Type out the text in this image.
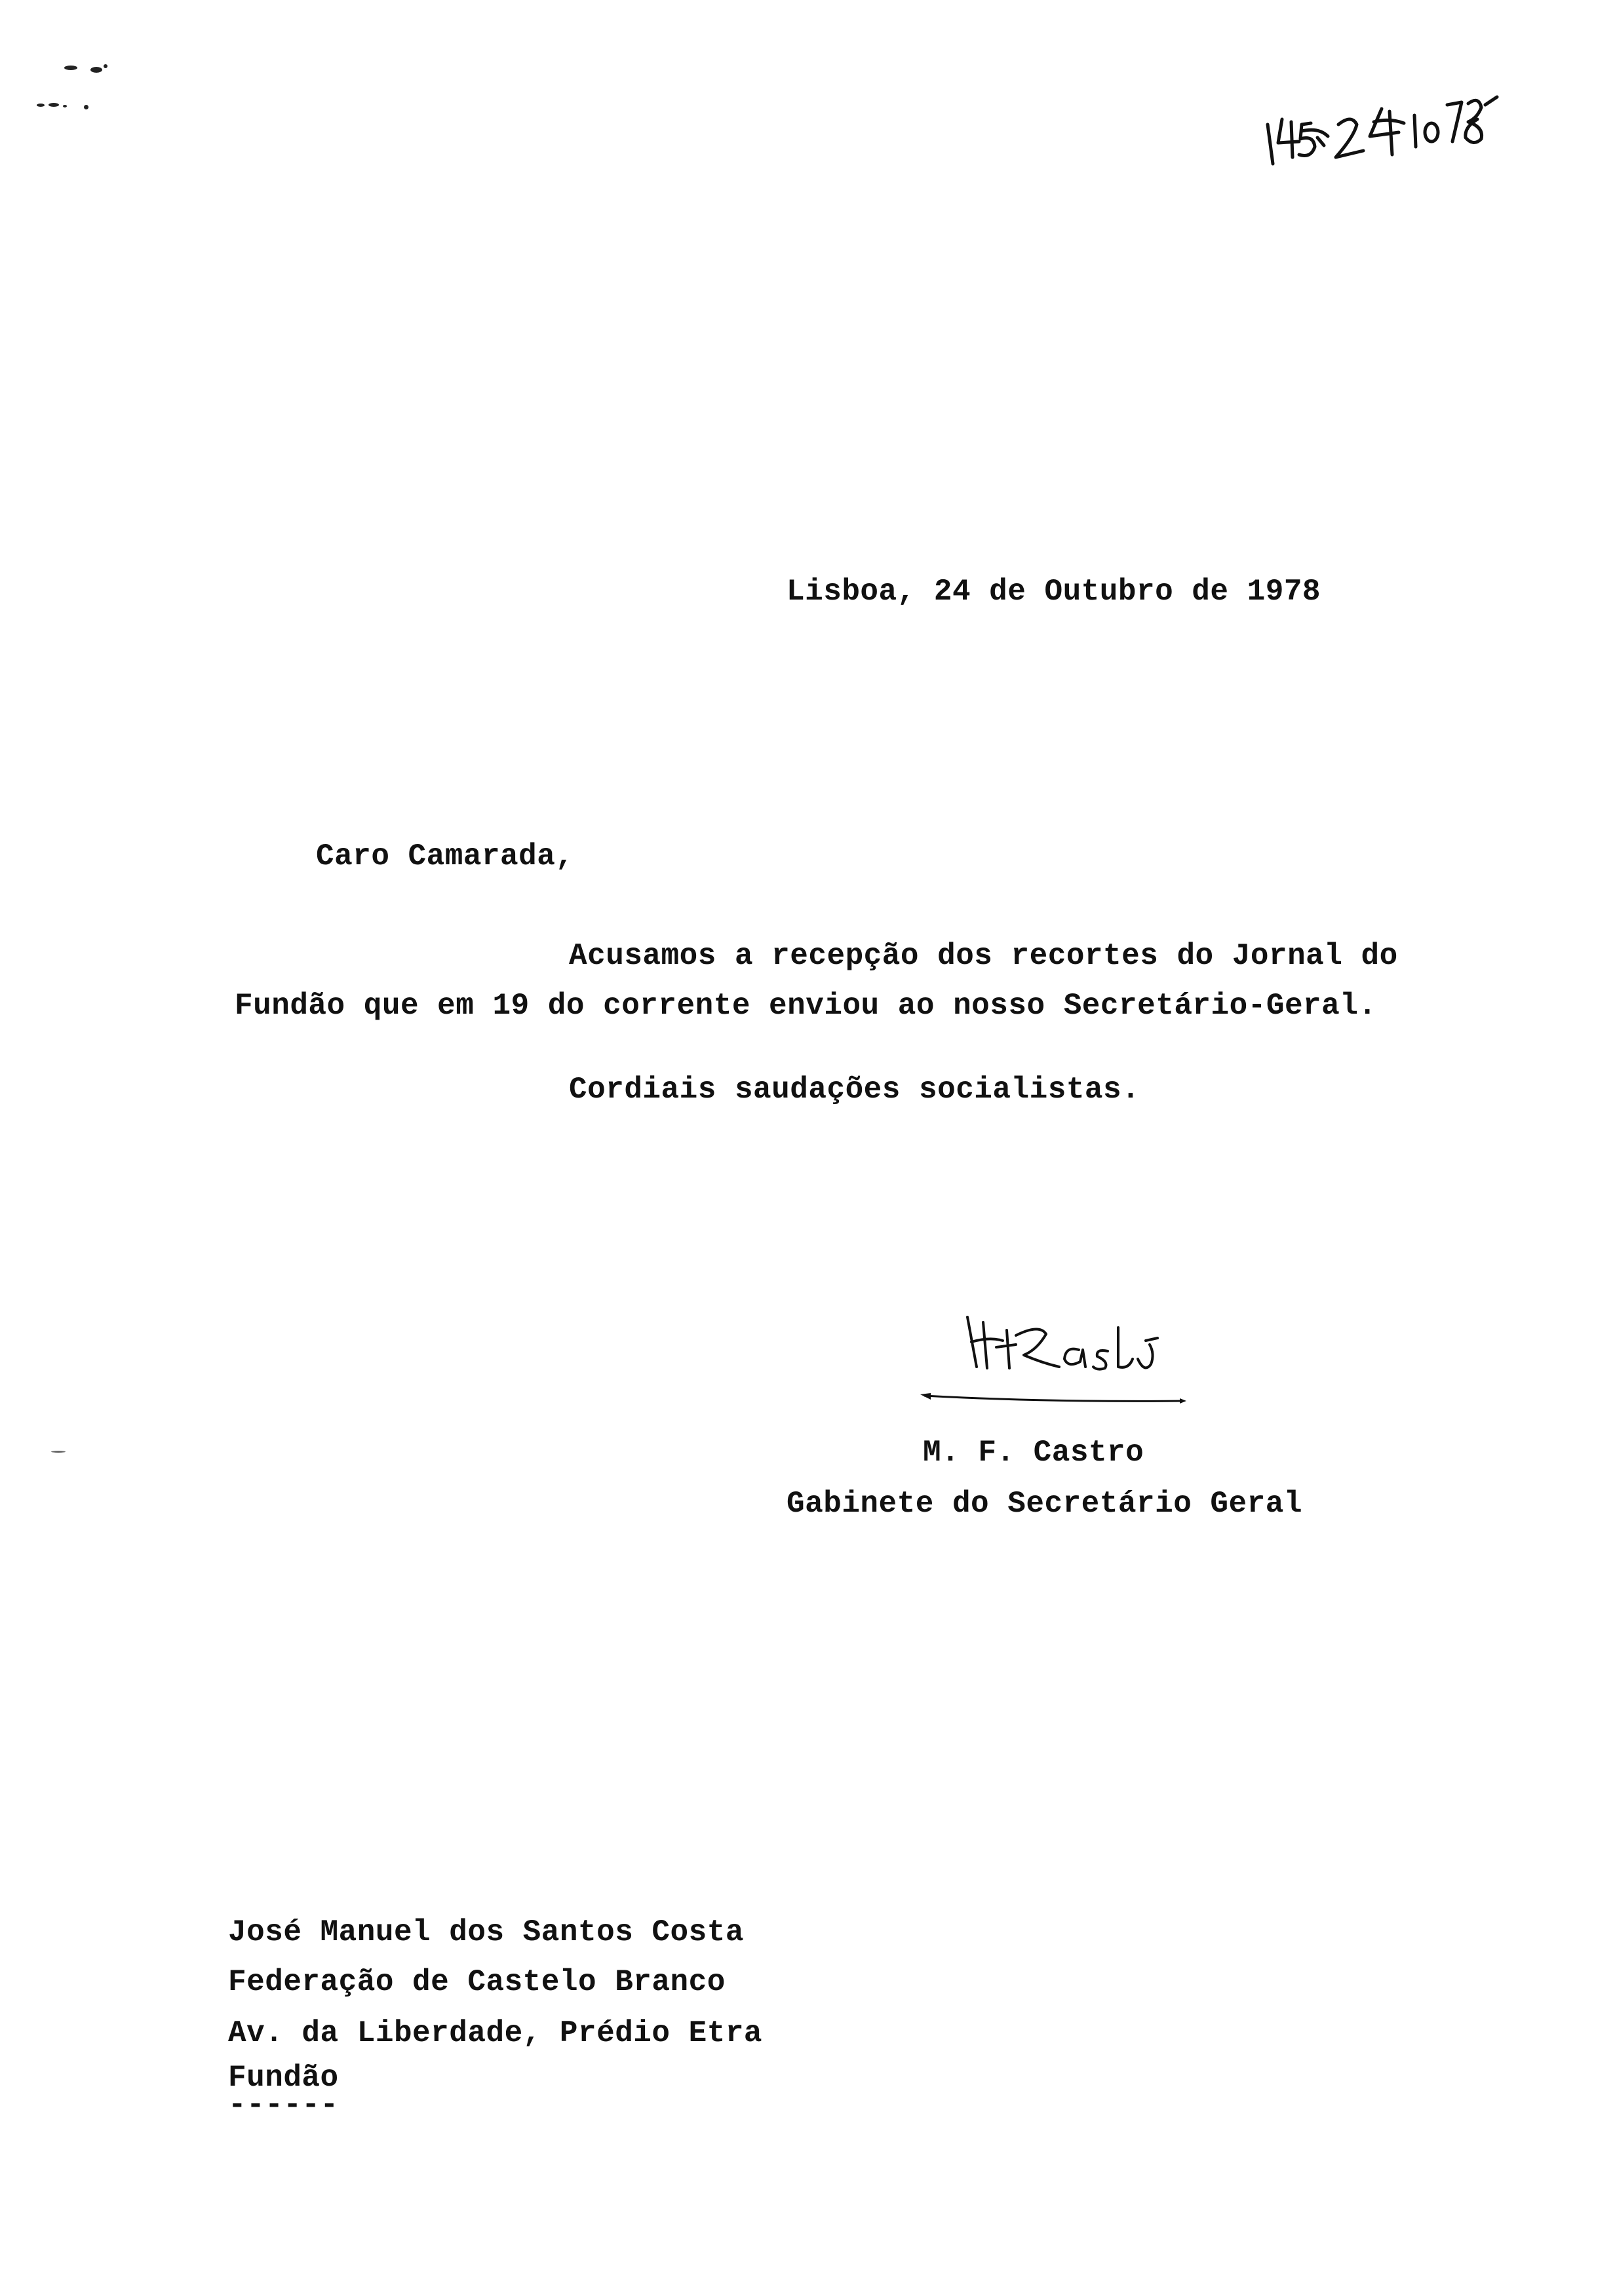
Lisboa, 24 de Outubro de 1978
Caro Camarada,
Acusamos a recepção dos recortes do Jornal do
Fundão que em 19 do corrente enviou ao nosso Secretário-Geral.
Cordiais saudações socialistas.
M. F. Castro
Gabinete do Secretário Geral
José Manuel dos Santos Costa
Federação de Castelo Branco
Av. da Liberdade, Prédio Etra
Fundão
------
